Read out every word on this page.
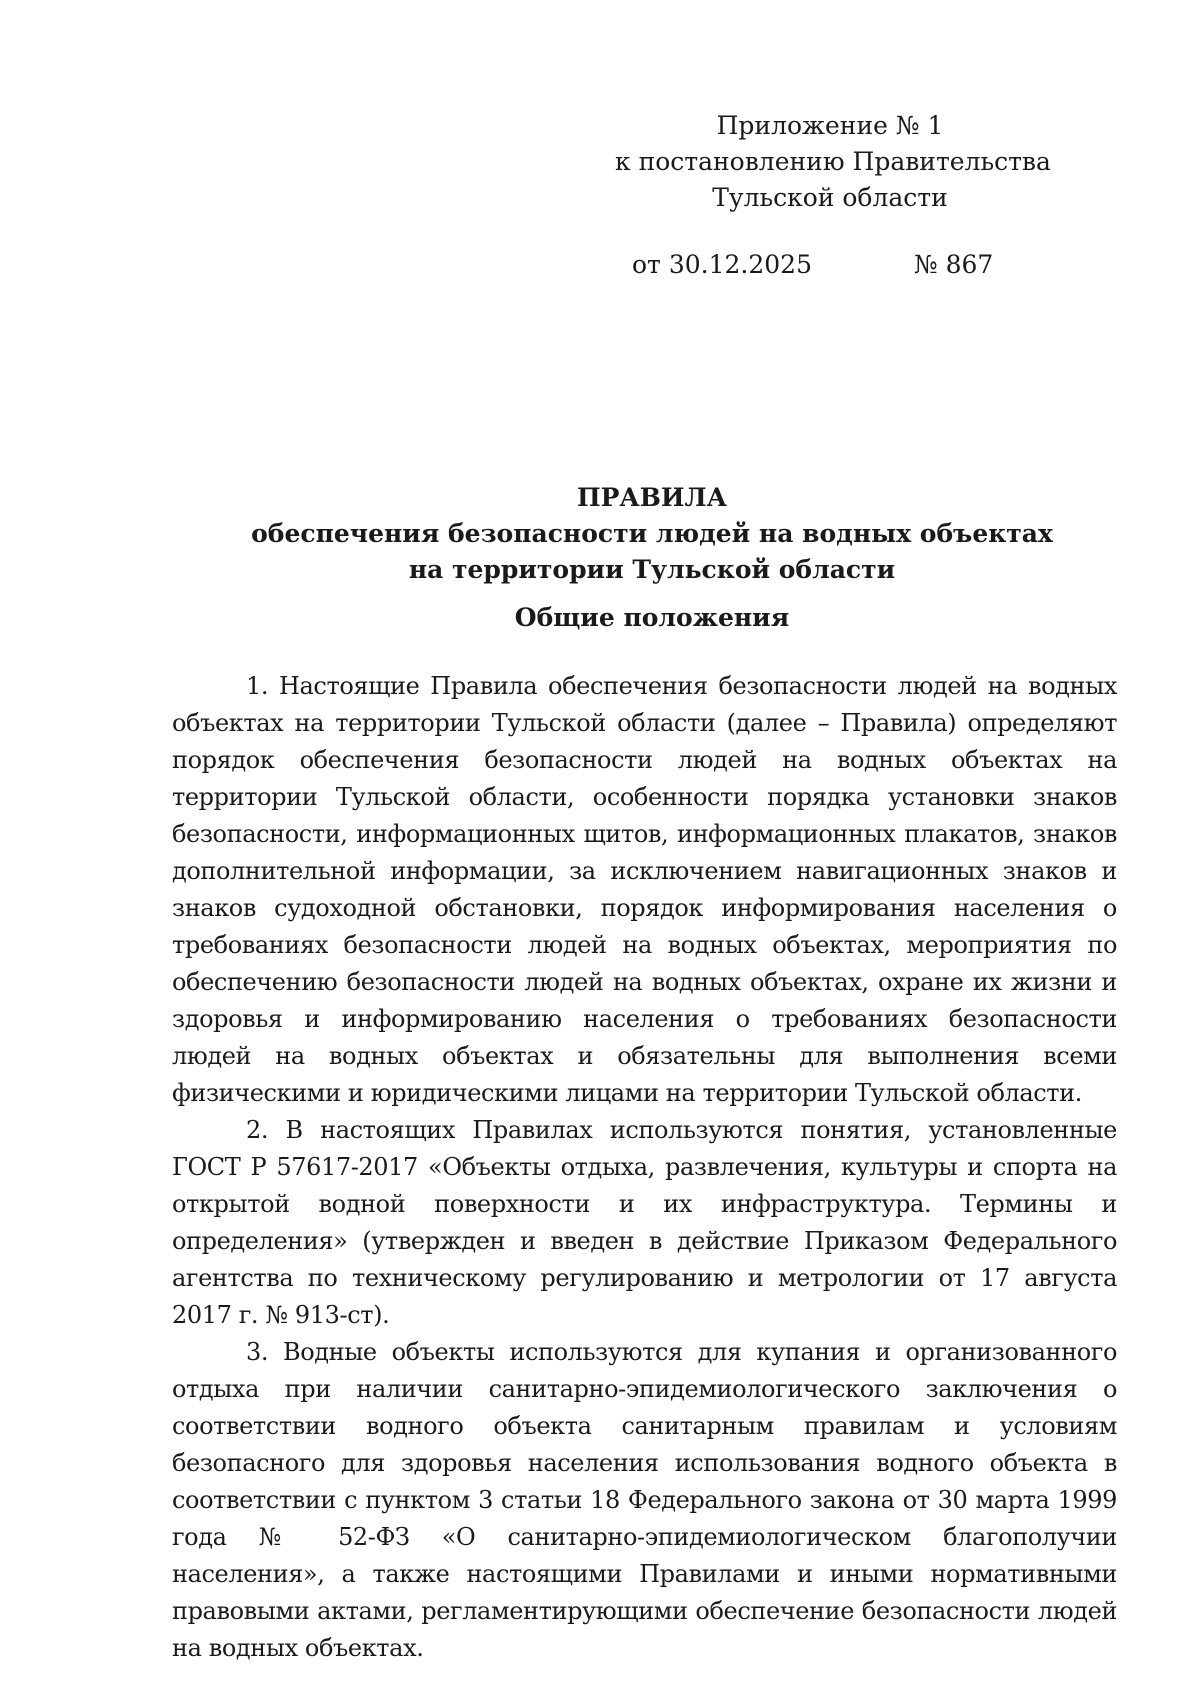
Приложение № 1
к постановлению Правительства
Тульской области
от 30.12.2025	№ 867
ПРАВИЛА
обеспечения безопасности людей на водных объектах
на территории Тульской области
Общие положения

1. Настоящие Правила обеспечения безопасности людей на водных объектах на территории Тульской области (далее – Правила) определяют порядок обеспечения безопасности людей на водных объектах на территории Тульской области, особенности порядка установки знаков безопасности, информационных щитов, информационных плакатов, знаков дополнительной информации, за исключением навигационных знаков и знаков судоходной обстановки, порядок информирования населения о требованиях безопасности людей на водных объектах, мероприятия по обеспечению безопасности людей на водных объектах, охране их жизни и здоровья и информированию населения о требованиях безопасности людей на водных объектах и обязательны для выполнения всеми физическими и юридическими лицами на территории Тульской области.

2. В настоящих Правилах используются понятия, установленные ГОСТ Р 57617-2017 «Объекты отдыха, развлечения, культуры и спорта на открытой водной поверхности и их инфраструктура. Термины и определения» (утвержден и введен в действие Приказом Федерального агентства по техническому регулированию и метрологии от 17 августа 2017 г. № 913-ст).

3. Водные объекты используются для купания и организованного отдыха при наличии санитарно-эпидемиологического заключения о соответствии водного объекта санитарным правилам и условиям безопасного для здоровья населения использования водного объекта в соответствии с пунктом 3 статьи 18 Федерального закона от 30 марта 1999 года № 52-ФЗ «О санитарно-эпидемиологическом благополучии населения», а также настоящими Правилами и иными нормативными правовыми актами, регламентирующими обеспечение безопасности людей на водных объектах.
